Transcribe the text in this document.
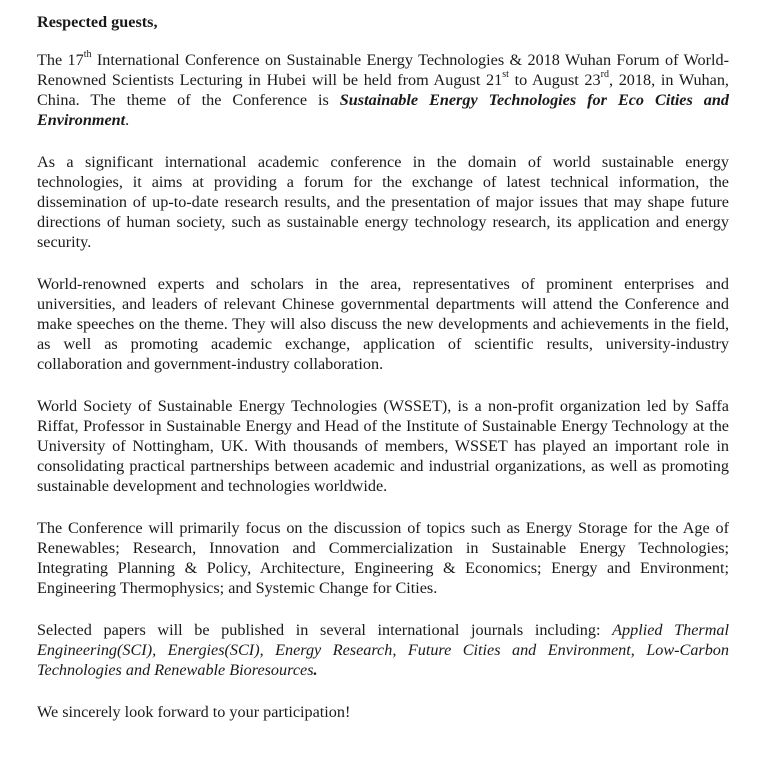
Respected guests,

The 17th International Conference on Sustainable Energy Technologies & 2018 Wuhan Forum of World-Renowned Scientists Lecturing in Hubei will be held from August 21st to August 23rd, 2018, in Wuhan, China. The theme of the Conference is Sustainable Energy Technologies for Eco Cities and Environment.

As a significant international academic conference in the domain of world sustainable energy technologies, it aims at providing a forum for the exchange of latest technical information, the dissemination of up-to-date research results, and the presentation of major issues that may shape future directions of human society, such as sustainable energy technology research, its application and energy security.

World-renowned experts and scholars in the area, representatives of prominent enterprises and universities, and leaders of relevant Chinese governmental departments will attend the Conference and make speeches on the theme. They will also discuss the new developments and achievements in the field, as well as promoting academic exchange, application of scientific results, university-industry collaboration and government-industry collaboration.

World Society of Sustainable Energy Technologies (WSSET), is a non-profit organization led by Saffa Riffat, Professor in Sustainable Energy and Head of the Institute of Sustainable Energy Technology at the University of Nottingham, UK. With thousands of members, WSSET has played an important role in consolidating practical partnerships between academic and industrial organizations, as well as promoting sustainable development and technologies worldwide.

The Conference will primarily focus on the discussion of topics such as Energy Storage for the Age of Renewables; Research, Innovation and Commercialization in Sustainable Energy Technologies; Integrating Planning & Policy, Architecture, Engineering & Economics; Energy and Environment; Engineering Thermophysics; and Systemic Change for Cities.

Selected papers will be published in several international journals including: Applied Thermal Engineering(SCI), Energies(SCI), Energy Research, Future Cities and Environment, Low-Carbon Technologies and Renewable Bioresources.

We sincerely look forward to your participation!
